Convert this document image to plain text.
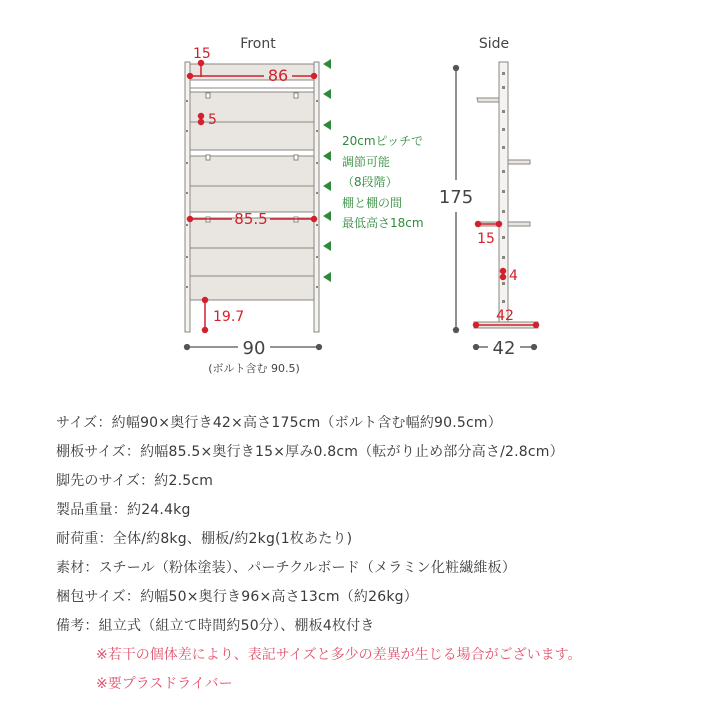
Front
20cmピッチで
調節可能
（8段階）
棚と棚の間
最低高さ18cm
15
86
5
85.5
19.7
90
(ボルト含む 90.5)
Side
175
15
4
42
42
サイズ：約幅90×奥行き42×高さ175cm（ボルト含む幅約90.5cm）
棚板サイズ：約幅85.5×奥行き15×厚み0.8cm（転がり止め部分高さ/2.8cm）
脚先のサイズ：約2.5cm
製品重量：約24.4kg
耐荷重：全体/約8kg、棚板/約2kg(1枚あたり)
素材：スチール（粉体塗装）、パーチクルボード（メラミン化粧繊維板）
梱包サイズ：約幅50×奥行き96×高さ13cm（約26kg）
備考：組立式（組立て時間約50分）、棚板4枚付き
※若干の個体差により、表記サイズと多少の差異が生じる場合がございます。
※要プラスドライバー
